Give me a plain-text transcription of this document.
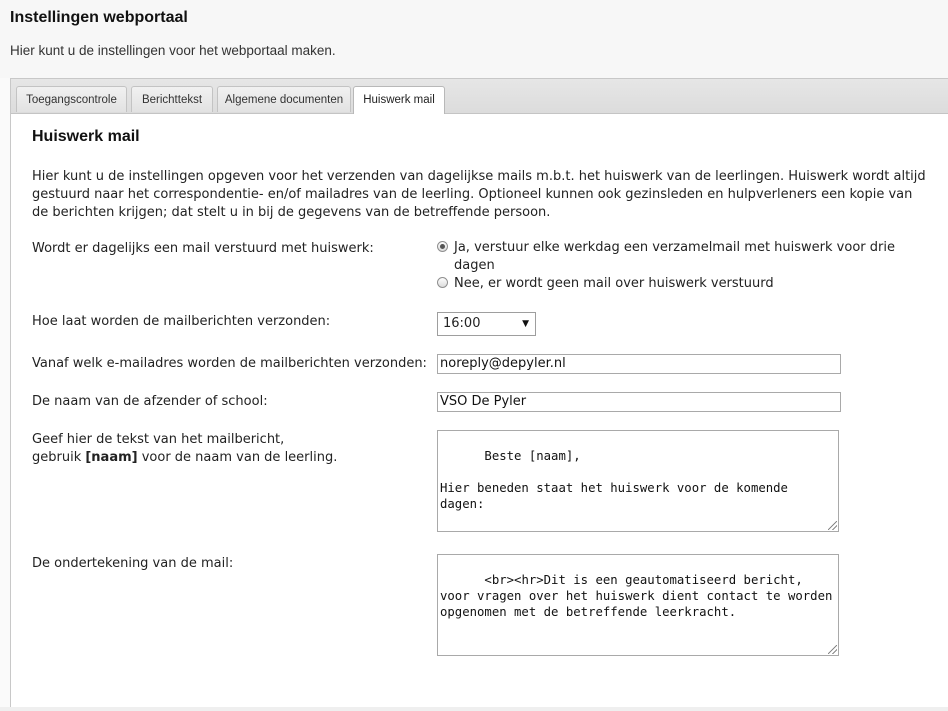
Instellingen webportaal
Hier kunt u de instellingen voor het webportaal maken.
Toegangscontrole	Berichttekst	Algemene documenten	Huiswerk mail
Huiswerk mail
Hier kunt u de instellingen opgeven voor het verzenden van dagelijkse mails m.b.t. het huiswerk van de leerlingen. Huiswerk wordt altijd gestuurd naar het correspondentie- en/of mailadres van de leerling. Optioneel kunnen ook gezinsleden en hulpverleners een kopie van de berichten krijgen; dat stelt u in bij de gegevens van de betreffende persoon.
Wordt er dagelijks een mail verstuurd met huiswerk:	Ja, verstuur elke werkdag een verzamelmail met huiswerk voor drie dagen
Nee, er wordt geen mail over huiswerk verstuurd
Hoe laat worden de mailberichten verzonden:	16:00	▼
Vanaf welk e-mailadres worden de mailberichten verzonden: noreply@depyler.nl
De naam van de afzender of school:	VSO De Pyler
Geef hier de tekst van het mailbericht,
gebruik [naam] voor de naam van de leerling.	Beste [naam],

Hier beneden staat het huiswerk voor de komende dagen:

De ondertekening van de mail:

<br><hr>Dit is een geautomatiseerd bericht, voor vragen over het huiswerk dient contact te worden opgenomen met de betreffende leerkracht.
